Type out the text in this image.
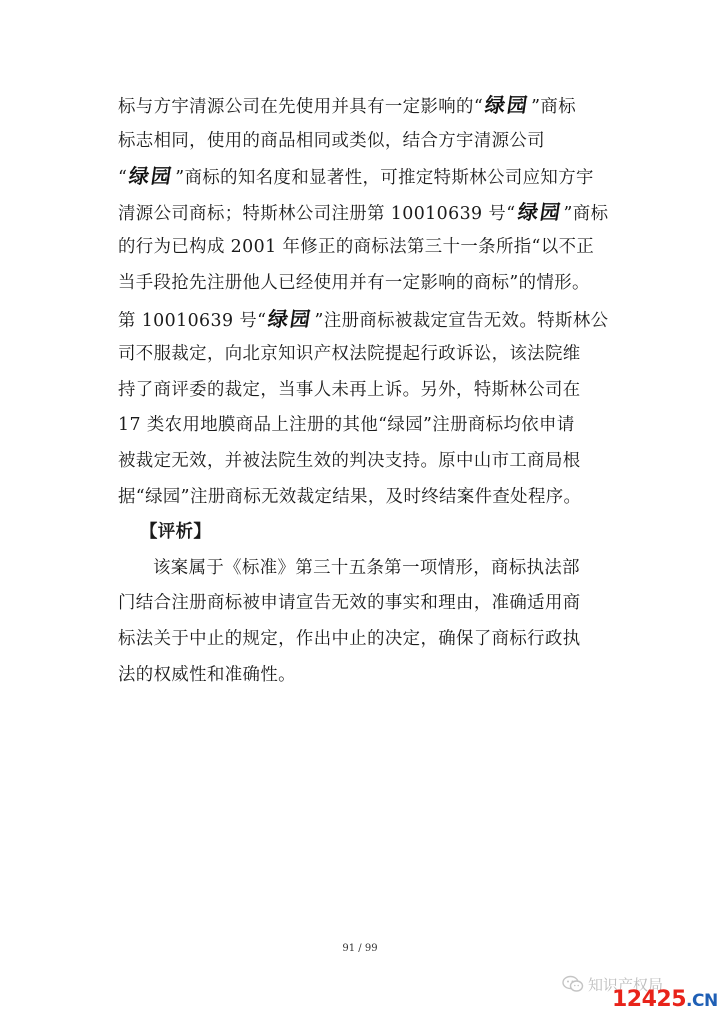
标与方宇清源公司在先使用并具有一定影响的“绿园”商标
标志相同，使用的商品相同或类似，结合方宇清源公司
“绿园”商标的知名度和显著性，可推定特斯林公司应知方宇
清源公司商标；特斯林公司注册第 10010639 号“绿园”商标
的行为已构成 2001 年修正的商标法第三十一条所指“以不正
当手段抢先注册他人已经使用并有一定影响的商标”的情形。
第 10010639 号“绿园”注册商标被裁定宣告无效。特斯林公
司不服裁定，向北京知识产权法院提起行政诉讼，该法院维
持了商评委的裁定，当事人未再上诉。另外，特斯林公司在
17 类农用地膜商品上注册的其他“绿园”注册商标均依申请
被裁定无效，并被法院生效的判决支持。原中山市工商局根
据“绿园”注册商标无效裁定结果，及时终结案件查处程序。
【评析】
该案属于《标准》第三十五条第一项情形，商标执法部
门结合注册商标被申请宣告无效的事实和理由，准确适用商
标法关于中止的规定，作出中止的决定，确保了商标行政执
法的权威性和准确性。
91 / 99
知识产权局
12425.CN
